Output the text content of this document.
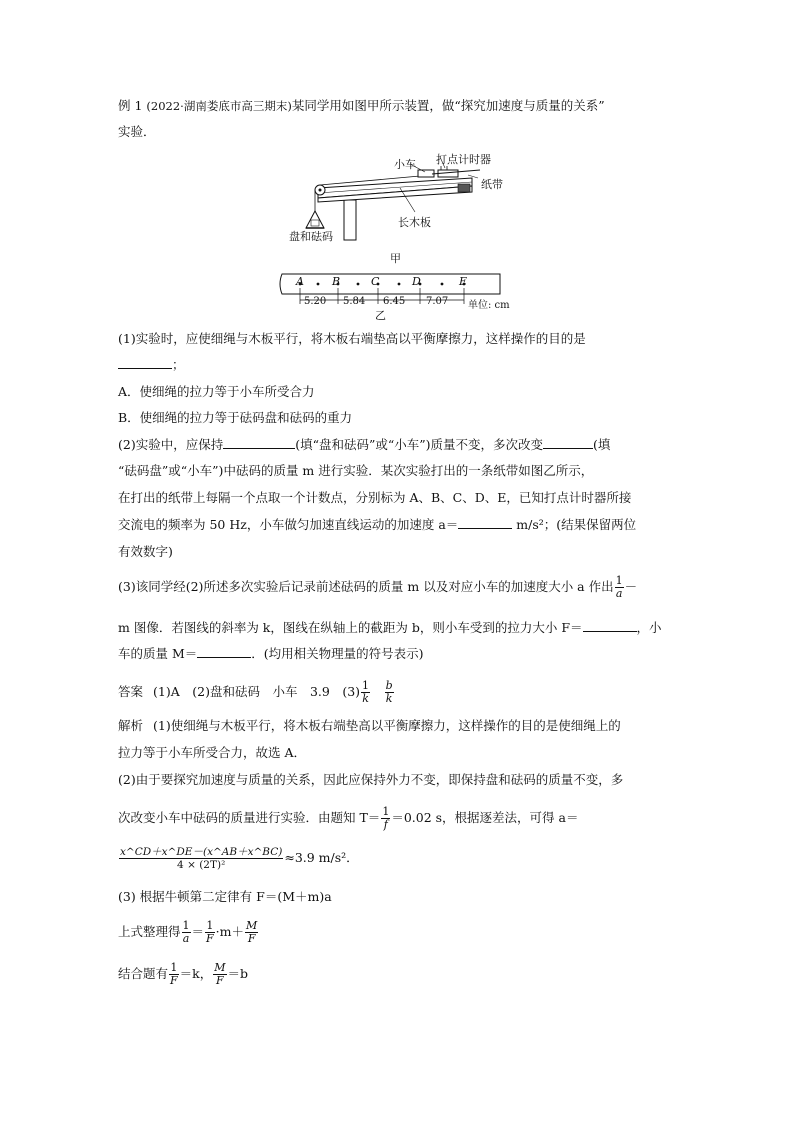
例 1 (2022·湖南娄底市高三期末)某同学用如图甲所示装置，做“探究加速度与质量的关系”
实验．
小车 打点计时器
纸带
长木板
盘和砝码
甲
A	B	C	D	E
5.20 5.84 6.45 7.07 单位: cm
乙
(1)实验时，应使细绳与木板平行，将木板右端垫高以平衡摩擦力，这样操作的目的是
；
A．使细绳的拉力等于小车所受合力
B．使细绳的拉力等于砝码盘和砝码的重力
(2)实验中，应保持	(填“盘和砝码”或“小车”)质量不变，多次改变	(填
“砝码盘”或“小车”)中砝码的质量 m 进行实验．某次实验打出的一条纸带如图乙所示，
在打出的纸带上每隔一个点取一个计数点，分别标为 A、B、C、D、E，已知打点计时器所接
交流电的频率为 50 Hz，小车做匀加速直线运动的加速度 a＝	m/s²；(结果保留两位
有效数字)
(3)该同学经(2)所述多次实验后记录前述砝码的质量 m 以及对应小车的加速度大小 a 作出 $\frac{1}{a}$ －
m 图像．若图线的斜率为 k，图线在纵轴上的截距为 b，则小车受到的拉力大小 F＝	，小
车的质量 M＝	．(均用相关物理量的符号表示)
答案 (1)A　(2)盘和砝码　小车　3.9　$(3) \frac{1}{k}$
　 $\frac{b}{k}$
解析 (1)使细绳与木板平行，将木板右端垫高以平衡摩擦力，这样操作的目的是使细绳上的
拉力等于小车所受合力，故选 A．
(2)由于要探究加速度与质量的关系，因此应保持外力不变，即保持盘和砝码的质量不变，多
次改变小车中砝码的质量进行实验．由题知 $T= \frac{1}{f} =0.02$ s，根据逐差法，可得 a＝
$\frac{x\^{}CD+x\^{}DE-(x\^{}AB+x\^{}BC)}{\text{4 × (2T)²}} \approx 3.9$ m/s²．
(3) 根据牛顿第二定律有 F＝(M＋m)a
上式整理得 $\frac{1}{a} = \frac{1}{F} \cdot m+ \frac{M}{F}$
结合题有 $\frac{1}{F} =k$， $\frac{M}{F} =b$
